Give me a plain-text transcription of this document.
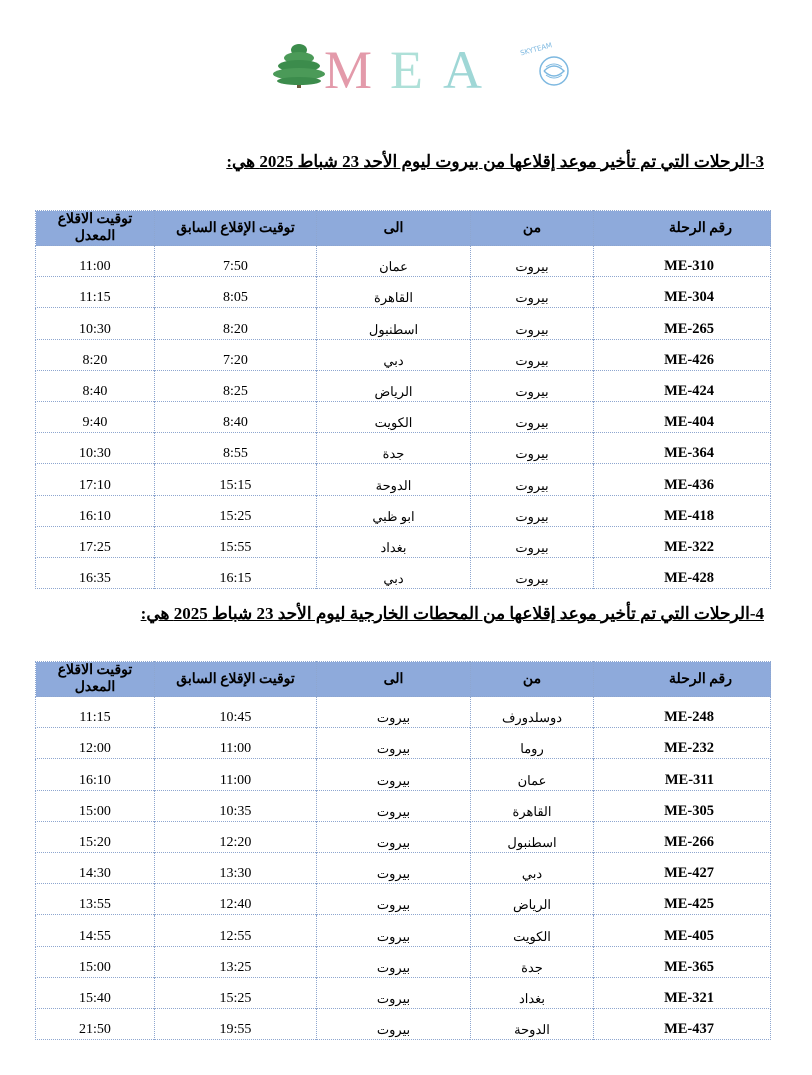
M E A	SKYTEAM
3-الرحلات التي تم تأخير موعد إقلاعها من بيروت ليوم الأحد 23 شباط 2025 هي:
رقم الرحلة	من	الى	توقيت الإقلاع السابق	توقيت الاقلاع المعدل
ME-310	بيروت	عمان	7:50	11:00
ME-304	بيروت	القاهرة	8:05	11:15
ME-265	بيروت	اسطنبول	8:20	10:30
ME-426	بيروت	دبي	7:20	8:20
ME-424	بيروت	الرياض	8:25	8:40
ME-404	بيروت	الكويت	8:40	9:40
ME-364	بيروت	جدة	8:55	10:30
ME-436	بيروت	الدوحة	15:15	17:10
ME-418	بيروت	ابو ظبي	15:25	16:10
ME-322	بيروت	بغداد	15:55	17:25
ME-428	بيروت	دبي	16:15	16:35
4-الرحلات التي تم تأخير موعد إقلاعها من المحطات الخارجية ليوم الأحد 23 شباط 2025 هي:
رقم الرحلة	من	الى	توقيت الإقلاع السابق	توقيت الاقلاع المعدل
ME-248	دوسلدورف	بيروت	10:45	11:15
ME-232	روما	بيروت	11:00	12:00
ME-311	عمان	بيروت	11:00	16:10
ME-305	القاهرة	بيروت	10:35	15:00
ME-266	اسطنبول	بيروت	12:20	15:20
ME-427	دبي	بيروت	13:30	14:30
ME-425	الرياض	بيروت	12:40	13:55
ME-405	الكويت	بيروت	12:55	14:55
ME-365	جدة	بيروت	13:25	15:00
ME-321	بغداد	بيروت	15:25	15:40
ME-437	الدوحة	بيروت	19:55	21:50
